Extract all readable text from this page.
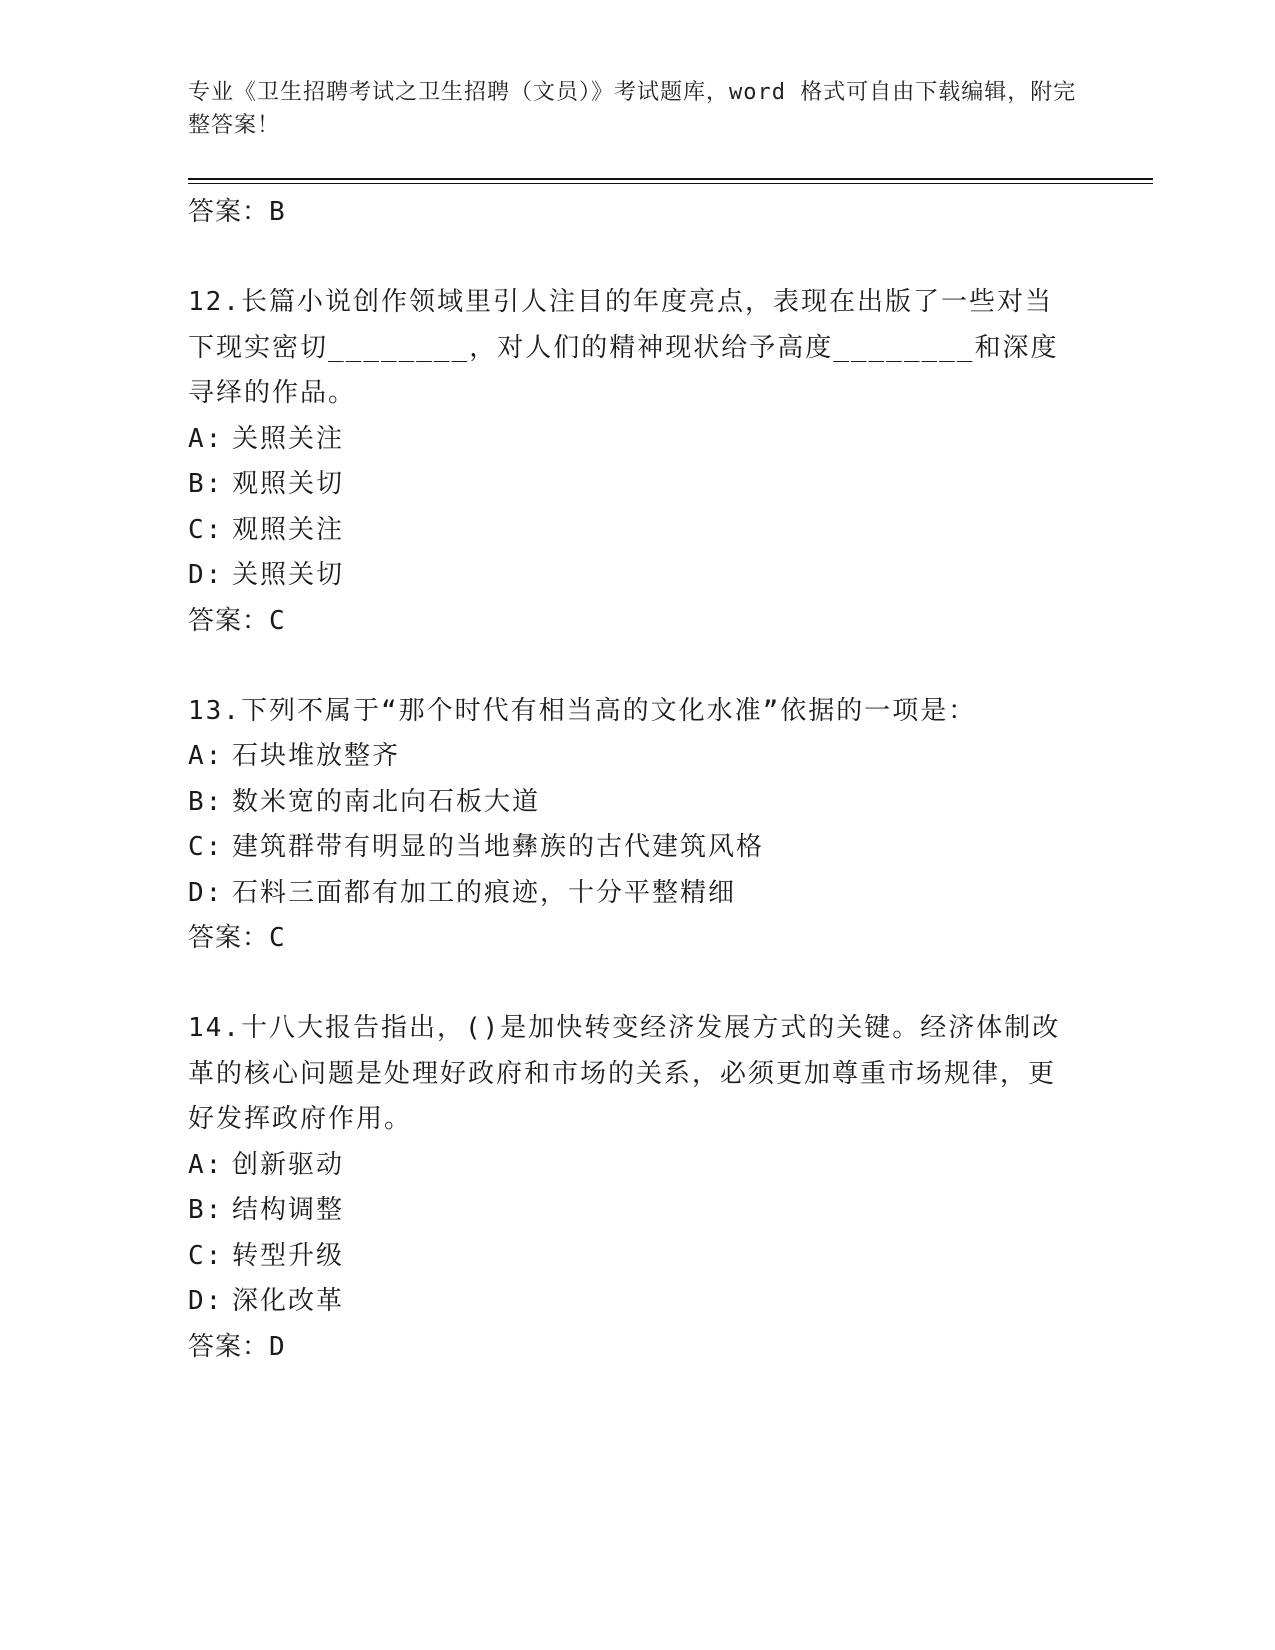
专业《卫生招聘考试之卫生招聘（文员）》考试题库，word 格式可自由下载编辑，附完整答案！
答案：B
12.长篇小说创作领域里引人注目的年度亮点，表现在出版了一些对当下现实密切________，对人们的精神现状给予高度________和深度寻绎的作品。
A: 关照关注
B: 观照关切
C: 观照关注
D: 关照关切
答案：C
13.下列不属于“那个时代有相当高的文化水准”依据的一项是：
A: 石块堆放整齐
B: 数米宽的南北向石板大道
C: 建筑群带有明显的当地彝族的古代建筑风格
D: 石料三面都有加工的痕迹，十分平整精细
答案：C
14.十八大报告指出，()是加快转变经济发展方式的关键。经济体制改革的核心问题是处理好政府和市场的关系，必须更加尊重市场规律，更好发挥政府作用。
A: 创新驱动
B: 结构调整
C: 转型升级
D: 深化改革
答案：D
